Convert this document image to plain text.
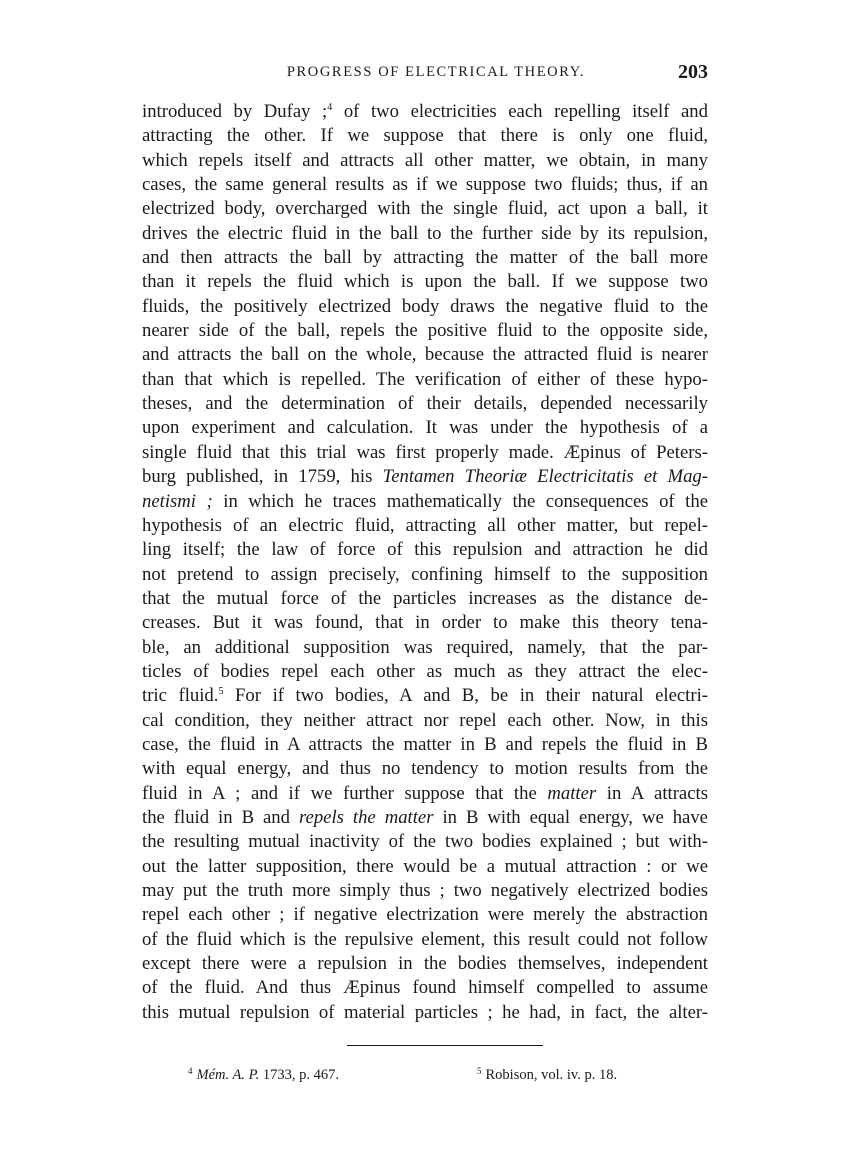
PROGRESS OF ELECTRICAL THEORY.	203
introduced by Dufay ;$^4$ of two electricities each repelling itself and
attracting the other. If we suppose that there is only one fluid,
which repels itself and attracts all other matter, we obtain, in many
cases, the same general results as if we suppose two fluids; thus, if an
electrized body, overcharged with the single fluid, act upon a ball, it
drives the electric fluid in the ball to the further side by its repulsion,
and then attracts the ball by attracting the matter of the ball more
than it repels the fluid which is upon the ball. If we suppose two
fluids, the positively electrized body draws the negative fluid to the
nearer side of the ball, repels the positive fluid to the opposite side,
and attracts the ball on the whole, because the attracted fluid is nearer
than that which is repelled. The verification of either of these hypo-
theses, and the determination of their details, depended necessarily
upon experiment and calculation. It was under the hypothesis of a
single fluid that this trial was first properly made. Æpinus of Peters-
burg published, in 1759, his Tentamen Theoriæ Electricitatis et Mag-
netismi ; in which he traces mathematically the consequences of the
hypothesis of an electric fluid, attracting all other matter, but repel-
ling itself; the law of force of this repulsion and attraction he did
not pretend to assign precisely, confining himself to the supposition
that the mutual force of the particles increases as the distance de-
creases. But it was found, that in order to make this theory tena-
ble, an additional supposition was required, namely, that the par-
ticles of bodies repel each other as much as they attract the elec-
tric fluid.$^5$ For if two bodies, A and B, be in their natural electri-
cal condition, they neither attract nor repel each other. Now, in this
case, the fluid in A attracts the matter in B and repels the fluid in B
with equal energy, and thus no tendency to motion results from the
fluid in A ; and if we further suppose that the matter in A attracts
the fluid in B and repels the matter in B with equal energy, we have
the resulting mutual inactivity of the two bodies explained ; but with-
out the latter supposition, there would be a mutual attraction : or we
may put the truth more simply thus ; two negatively electrized bodies
repel each other ; if negative electrization were merely the abstraction
of the fluid which is the repulsive element, this result could not follow
except there were a repulsion in the bodies themselves, independent
of the fluid. And thus Æpinus found himself compelled to assume
this mutual repulsion of material particles ; he had, in fact, the alter-
$^4$ Mém. A. P. 1733, p. 467.	$^5$ Robison, vol. iv. p. 18.
